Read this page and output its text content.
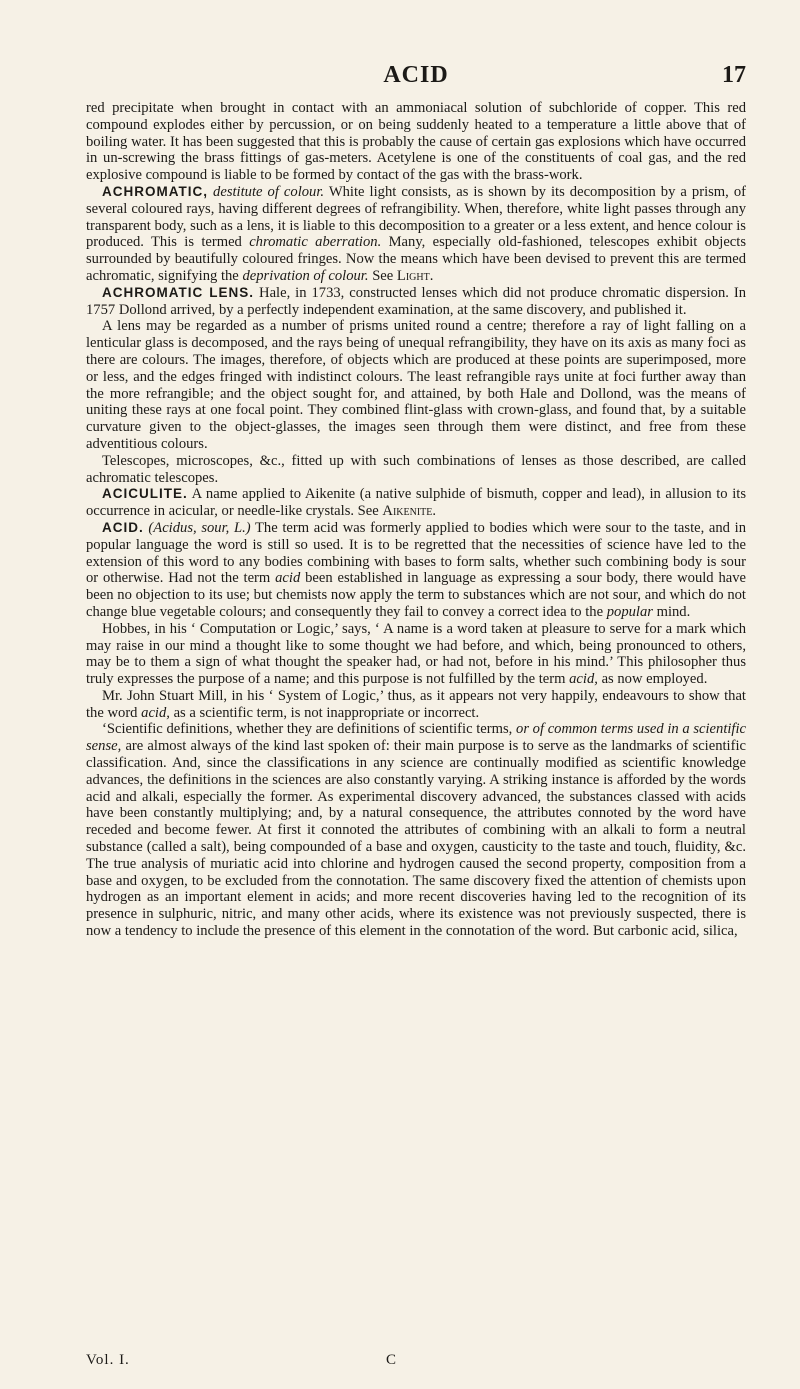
ACID	17

red precipitate when brought in contact with an ammoniacal solution of subchloride of copper. This red compound explodes either by percussion, or on being suddenly heated to a temperature a little above that of boiling water. It has been suggested that this is probably the cause of certain gas explosions which have occurred in un-screwing the brass fittings of gas-meters. Acetylene is one of the constituents of coal gas, and the red explosive compound is liable to be formed by contact of the gas with the brass-work.

ACHROMATIC, destitute of colour. White light consists, as is shown by its decomposition by a prism, of several coloured rays, having different degrees of refrangibility. When, therefore, white light passes through any transparent body, such as a lens, it is liable to this decomposition to a greater or a less extent, and hence colour is produced. This is termed chromatic aberration. Many, especially old-fashioned, telescopes exhibit objects surrounded by beautifully coloured fringes. Now the means which have been devised to prevent this are termed achromatic, signifying the deprivation of colour. See Light.

ACHROMATIC LENS. Hale, in 1733, constructed lenses which did not produce chromatic dispersion. In 1757 Dollond arrived, by a perfectly independent examination, at the same discovery, and published it.

A lens may be regarded as a number of prisms united round a centre; therefore a ray of light falling on a lenticular glass is decomposed, and the rays being of unequal refrangibility, they have on its axis as many foci as there are colours. The images, therefore, of objects which are produced at these points are superimposed, more or less, and the edges fringed with indistinct colours. The least refrangible rays unite at foci further away than the more refrangible; and the object sought for, and attained, by both Hale and Dollond, was the means of uniting these rays at one focal point. They combined flint-glass with crown-glass, and found that, by a suitable curvature given to the object-glasses, the images seen through them were distinct, and free from these adventitious colours.

Telescopes, microscopes, &c., fitted up with such combinations of lenses as those described, are called achromatic telescopes.

ACICULITE. A name applied to Aikenite (a native sulphide of bismuth, copper and lead), in allusion to its occurrence in acicular, or needle-like crystals. See Aikenite.

ACID. (Acidus, sour, L.) The term acid was formerly applied to bodies which were sour to the taste, and in popular language the word is still so used. It is to be regretted that the necessities of science have led to the extension of this word to any bodies combining with bases to form salts, whether such combining body is sour or otherwise. Had not the term acid been established in language as expressing a sour body, there would have been no objection to its use; but chemists now apply the term to substances which are not sour, and which do not change blue vegetable colours; and consequently they fail to convey a correct idea to the popular mind.

Hobbes, in his ‘ Computation or Logic,’ says, ‘ A name is a word taken at pleasure to serve for a mark which may raise in our mind a thought like to some thought we had before, and which, being pronounced to others, may be to them a sign of what thought the speaker had, or had not, before in his mind.’ This philosopher thus truly expresses the purpose of a name; and this purpose is not fulfilled by the term acid, as now employed.

Mr. John Stuart Mill, in his ‘ System of Logic,’ thus, as it appears not very happily, endeavours to show that the word acid, as a scientific term, is not inappropriate or incorrect.

‘Scientific definitions, whether they are definitions of scientific terms, or of common terms used in a scientific sense, are almost always of the kind last spoken of: their main purpose is to serve as the landmarks of scientific classification. And, since the classifications in any science are continually modified as scientific knowledge advances, the definitions in the sciences are also constantly varying. A striking instance is afforded by the words acid and alkali, especially the former. As experimental discovery advanced, the substances classed with acids have been constantly multiplying; and, by a natural consequence, the attributes connoted by the word have receded and become fewer. At first it connoted the attributes of combining with an alkali to form a neutral substance (called a salt), being compounded of a base and oxygen, causticity to the taste and touch, fluidity, &c. The true analysis of muriatic acid into chlorine and hydrogen caused the second property, composition from a base and oxygen, to be excluded from the connotation. The same discovery fixed the attention of chemists upon hydrogen as an important element in acids; and more recent discoveries having led to the recognition of its presence in sulphuric, nitric, and many other acids, where its existence was not previously suspected, there is now a tendency to include the presence of this element in the connotation of the word. But carbonic acid, silica,

Vol. I.	C
